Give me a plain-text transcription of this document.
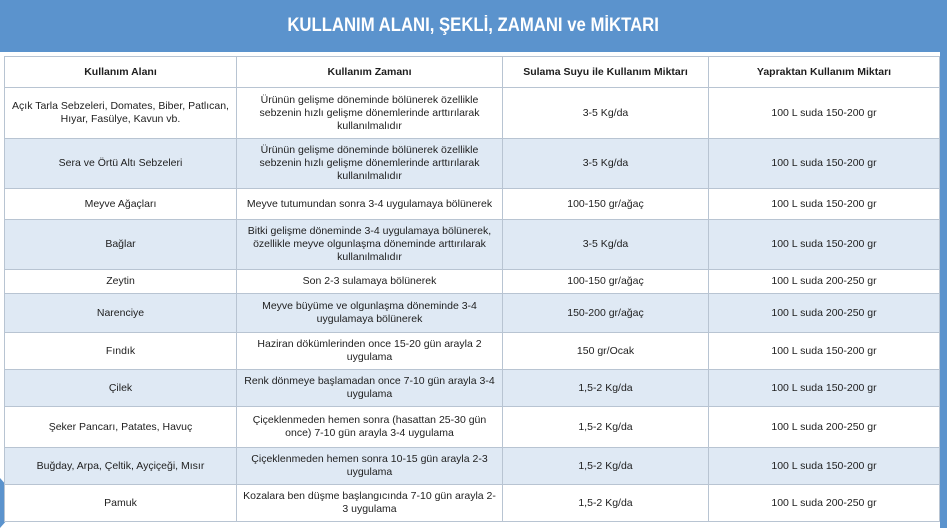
KULLANIM ALANI, ŞEKLİ, ZAMANI ve MİKTARI
Kullanım Alanı	Kullanım Zamanı	Sulama Suyu ile Kullanım Miktarı	Yapraktan Kullanım Miktarı
Açık Tarla Sebzeleri, Domates, Biber, Patlıcan, Hıyar, Fasülye, Kavun vb.	Ürünün gelişme döneminde bölünerek özellikle sebzenin hızlı gelişme dönemlerinde arttırılarak kullanılmalıdır	3-5 Kg/da	100 L suda 150-200 gr
Sera ve Örtü Altı Sebzeleri	Ürünün gelişme döneminde bölünerek özellikle sebzenin hızlı gelişme dönemlerinde arttırılarak kullanılmalıdır	3-5 Kg/da	100 L suda 150-200 gr
Meyve Ağaçları	Meyve tutumundan sonra 3-4 uygulamaya bölünerek	100-150 gr/ağaç	100 L suda 150-200 gr
Bağlar	Bitki gelişme döneminde 3-4 uygulamaya bölünerek, özellikle meyve olgunlaşma döneminde arttırılarak kullanılmalıdır	3-5 Kg/da	100 L suda 150-200 gr
Zeytin	Son 2-3 sulamaya bölünerek	100-150 gr/ağaç	100 L suda 200-250 gr
Narenciye	Meyve büyüme ve olgunlaşma döneminde 3-4 uygulamaya bölünerek	150-200 gr/ağaç	100 L suda 200-250 gr
Fındık	Haziran dökümlerinden once 15-20 gün arayla 2 uygulama	150 gr/Ocak	100 L suda 150-200 gr
Çilek	Renk dönmeye başlamadan once 7-10 gün arayla 3-4 uygulama	1,5-2 Kg/da	100 L suda 150-200 gr
Şeker Pancarı, Patates, Havuç	Çiçeklenmeden hemen sonra (hasattan 25-30 gün once) 7-10 gün arayla 3-4 uygulama	1,5-2 Kg/da	100 L suda 200-250 gr
Buğday, Arpa, Çeltik, Ayçiçeği, Mısır	Çiçeklenmeden hemen sonra 10-15 gün arayla 2-3 uygulama	1,5-2 Kg/da	100 L suda 150-200 gr
Pamuk	Kozalara ben düşme başlangıcında 7-10 gün arayla 2-3 uygulama	1,5-2 Kg/da	100 L suda 200-250 gr
